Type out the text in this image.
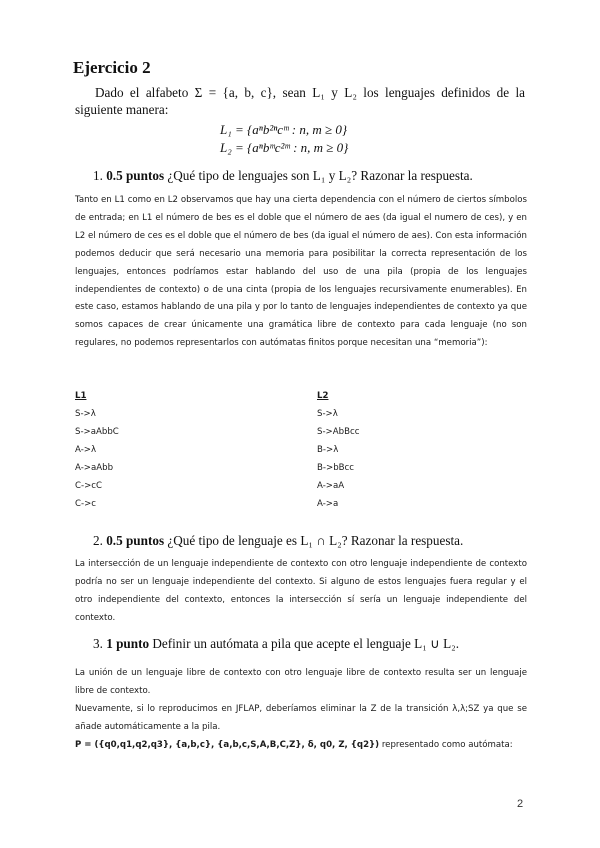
Ejercicio 2
Dado el alfabeto Σ = {a, b, c}, sean L₁ y L₂ los lenguajes definidos de la siguiente manera:
L₁ = {aⁿb²ⁿcᵐ : n, m ≥ 0}
L₂ = {aⁿbᵐc²ᵐ : n, m ≥ 0}
1. 0.5 puntos ¿Qué tipo de lenguajes son L₁ y L₂? Razonar la respuesta.

Tanto en L1 como en L2 observamos que hay una cierta dependencia con el número de ciertos símbolos de entrada; en L1 el número de bes es el doble que el número de aes (da igual el numero de ces), y en L2 el número de ces es el doble que el número de bes (da igual el número de aes). Con esta información podemos deducir que será necesario una memoria para posibilitar la correcta representación de los lenguajes, entonces podríamos estar hablando del uso de una pila (propia de los lenguajes independientes de contexto) o de una cinta (propia de los lenguajes recursivamente enumerables). En este caso, estamos hablando de una pila y por lo tanto de lenguajes independientes de contexto ya que somos capaces de crear únicamente una gramática libre de contexto para cada lenguaje (no son regulares, no podemos representarlos con autómatas finitos porque necesitan una “memoria”):

L1
S->λ
S->aAbbC
A->λ
A->aAbb
C->cC
C->c
L2
S->λ
S->AbBcc
B->λ
B->bBcc
A->aA
A->a
2. 0.5 puntos ¿Qué tipo de lenguaje es L₁ ∩ L₂? Razonar la respuesta.

La intersección de un lenguaje independiente de contexto con otro lenguaje independiente de contexto podría no ser un lenguaje independiente del contexto. Si alguno de estos lenguajes fuera regular y el otro independiente del contexto, entonces la intersección sí sería un lenguaje independiente del contexto.

3. 1 punto Definir un autómata a pila que acepte el lenguaje L₁ ∪ L₂.

La unión de un lenguaje libre de contexto con otro lenguaje libre de contexto resulta ser un lenguaje libre de contexto.

Nuevamente, si lo reproducimos en JFLAP, deberíamos eliminar la Z de la transición λ,λ;SZ ya que se añade automáticamente a la pila.

P = ({q0,q1,q2,q3}, {a,b,c}, {a,b,c,S,A,B,C,Z}, δ, q0, Z, {q2}) representado como autómata:

2
